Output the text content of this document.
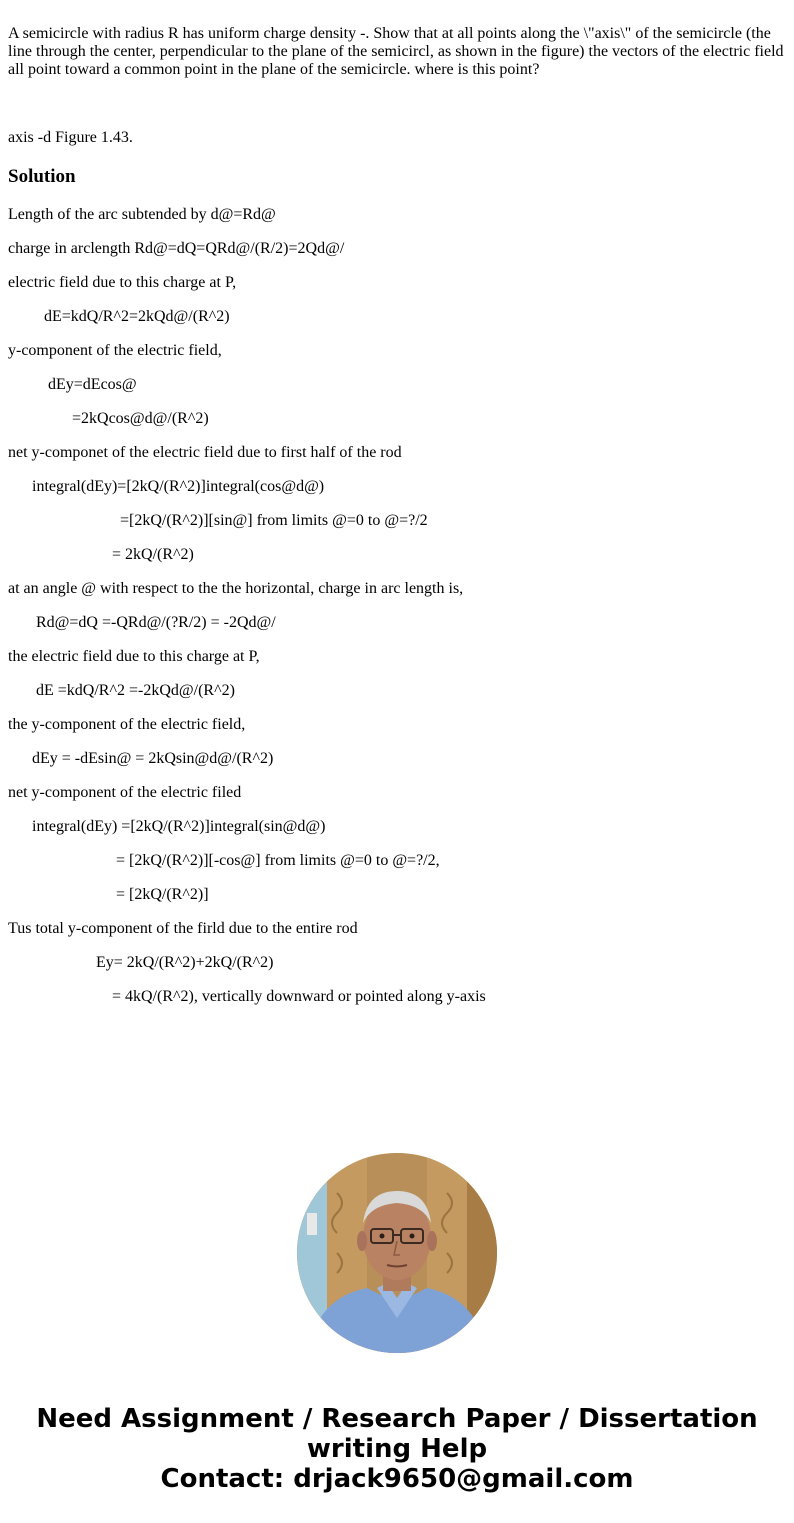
A semicircle with radius R has uniform charge density -. Show that at all points along the \"axis\" of the semicircle (the line through the center, perpendicular to the plane of the semicircl, as shown in the figure) the vectors of the electric field all point toward a common point in the plane of the semicircle. where is this point?

axis -d Figure 1.43.

Solution
Length of the arc subtended by d@=Rd@
charge in arclength Rd@=dQ=QRd@/(R/2)=2Qd@/
electric field due to this charge at P,
dE=kdQ/R^2=2kQd@/(R^2)
y-component of the electric field,
dEy=dEcos@
=2kQcos@d@/(R^2)
net y-componet of the electric field due to first half of the rod
integral(dEy)=[2kQ/(R^2)]integral(cos@d@)
=[2kQ/(R^2)][sin@] from limits @=0 to @=?/2
= 2kQ/(R^2)
at an angle @ with respect to the the horizontal, charge in arc length is,
Rd@=dQ =-QRd@/(?R/2) = -2Qd@/
the electric field due to this charge at P,
dE =kdQ/R^2 =-2kQd@/(R^2)
the y-component of the electric field,
dEy = -dEsin@ = 2kQsin@d@/(R^2)
net y-component of the electric filed
integral(dEy) =[2kQ/(R^2)]integral(sin@d@)
= [2kQ/(R^2)][-cos@] from limits @=0 to @=?/2,
= [2kQ/(R^2)]
Tus total y-component of the firld due to the entire rod
Ey= 2kQ/(R^2)+2kQ/(R^2)
= 4kQ/(R^2), vertically downward or pointed along y-axis
Need Assignment / Research Paper / Dissertation
writing Help
Contact: drjack9650@gmail.com
